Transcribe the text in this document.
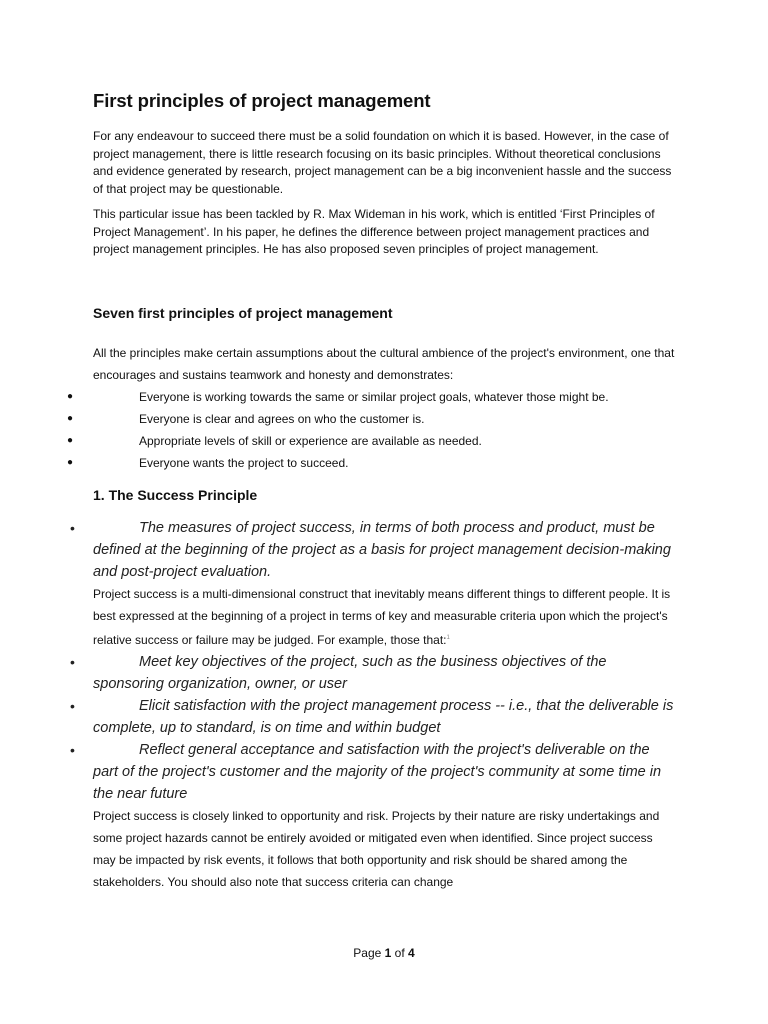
First principles of project management

For any endeavour to succeed there must be a solid foundation on which it is based. However, in the case of project management, there is little research focusing on its basic principles. Without theoretical conclusions and evidence generated by research, project management can be a big inconvenient hassle and the success of that project may be questionable.

This particular issue has been tackled by R. Max Wideman in his work, which is entitled ‘First Principles of Project Management’. In his paper, he defines the difference between project management practices and project management principles. He has also proposed seven principles of project management.

Seven first principles of project management

All the principles make certain assumptions about the cultural ambience of the project's environment, one that encourages and sustains teamwork and honesty and demonstrates:

●	Everyone is working towards the same or similar project goals, whatever those might be.
●	Everyone is clear and agrees on who the customer is.
●	Appropriate levels of skill or experience are available as needed.
●	Everyone wants the project to succeed.
1. The Success Principle
•	The measures of project success, in terms of both process and product, must be defined at the beginning of the project as a basis for project management decision-making and post-project evaluation.
Project success is a multi-dimensional construct that inevitably means different things to different people. It is best expressed at the beginning of a project in terms of key and measurable criteria upon which the project's relative success or failure may be judged. For example, those that:$^1$
•	Meet key objectives of the project, such as the business objectives of the sponsoring organization, owner, or user
•	Elicit satisfaction with the project management process -- i.e., that the deliverable is complete, up to standard, is on time and within budget
•	Reflect general acceptance and satisfaction with the project's deliverable on the part of the project's customer and the majority of the project's community at some time in the near future
Project success is closely linked to opportunity and risk. Projects by their nature are risky undertakings and some project hazards cannot be entirely avoided or mitigated even when identified. Since project success may be impacted by risk events, it follows that both opportunity and risk should be shared among the stakeholders. You should also note that success criteria can change
Page 1 of 4
